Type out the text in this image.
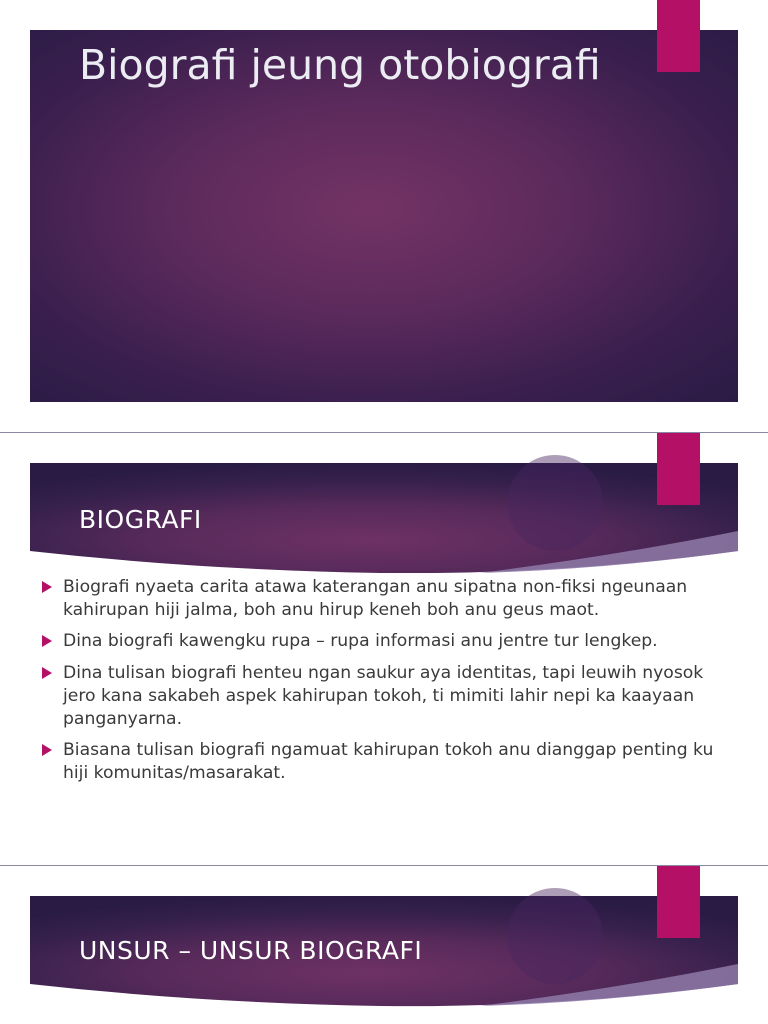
Biografi jeung otobiografi
BIOGRAFI
Biografi nyaeta carita atawa katerangan anu sipatna non-fiksi ngeunaan kahirupan hiji jalma, boh anu hirup keneh boh anu geus maot.
Dina biografi kawengku rupa – rupa informasi anu jentre tur lengkep.
Dina tulisan biografi henteu ngan saukur aya identitas, tapi leuwih nyosok jero kana sakabeh aspek kahirupan tokoh, ti mimiti lahir nepi ka kaayaan panganyarna.
Biasana tulisan biografi ngamuat kahirupan tokoh anu dianggap penting ku hiji komunitas/masarakat.
UNSUR – UNSUR BIOGRAFI
